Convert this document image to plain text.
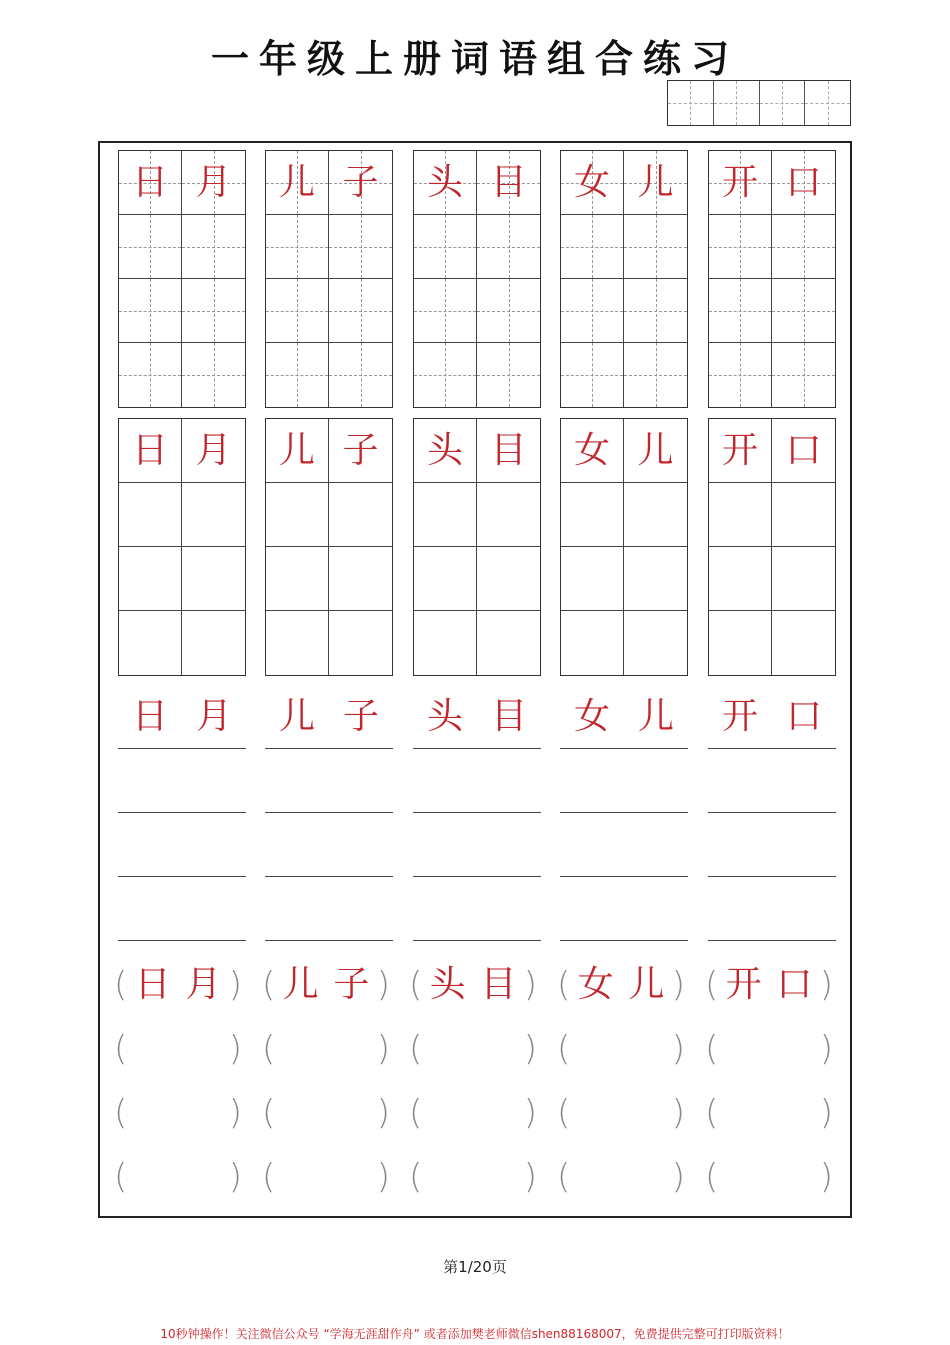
一年级上册词语组合练习
日 月 儿 子 头 目 女 儿 开 口
日 月 儿 子 头 目 女 儿 开 口
日 月 儿 子 头 目 女 儿 开 口
( 日 月 )
(	)
(	)
(	)
( 儿 子 )
(	)
(	)
(	)
( 头 目 )
(	)
(	)
(	)
( 女 儿 )
(	)
(	)
(	)
( 开 口 )
(	)
(	)
(	)
第1/20页
10秒钟操作！关注微信公众号 “学海无涯甜作舟” 或者添加樊老师微信shen88168007，免费提供完整可打印版资料！
